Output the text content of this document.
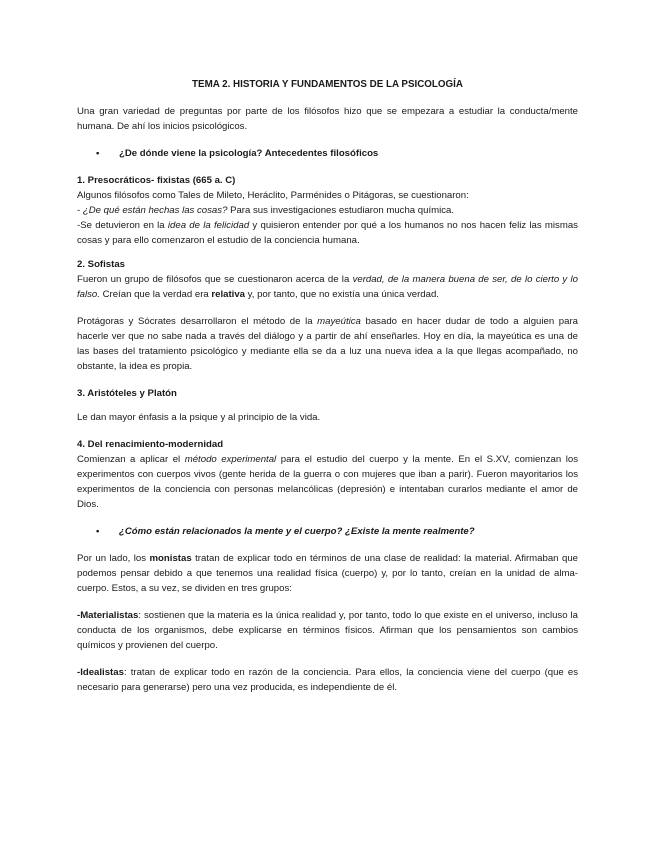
TEMA 2. HISTORIA Y FUNDAMENTOS DE LA PSICOLOGÍA

Una gran variedad de preguntas por parte de los filósofos hizo que se empezara a estudiar la conducta/mente humana. De ahí los inicios psicológicos.

• ¿De dónde viene la psicología? Antecedentes filosóficos

1. Presocráticos- fixistas (665 a. C)

Algunos filósofos como Tales de Mileto, Heráclito, Parménides o Pitágoras, se cuestionaron:

- ¿De qué están hechas las cosas? Para sus investigaciones estudiaron mucha química.

-Se detuvieron en la idea de la felicidad y quisieron entender por qué a los humanos no nos hacen feliz las mismas cosas y para ello comenzaron el estudio de la conciencia humana.

2. Sofistas

Fueron un grupo de filósofos que se cuestionaron acerca de la verdad, de la manera buena de ser, de lo cierto y lo falso. Creían que la verdad era relativa y, por tanto, que no existía una única verdad.

Protágoras y Sócrates desarrollaron el método de la mayeútica basado en hacer dudar de todo a alguien para hacerle ver que no sabe nada a través del diálogo y a partir de ahí enseñarles. Hoy en día, la mayeútica es una de las bases del tratamiento psicológico y mediante ella se da a luz una nueva idea a la que llegas acompañado, no obstante, la idea es propia.

3. Aristóteles y Platón

Le dan mayor énfasis a la psique y al principio de la vida.

4. Del renacimiento-modernidad

Comienzan a aplicar el método experimental para el estudio del cuerpo y la mente. En el S.XV, comienzan los experimentos con cuerpos vivos (gente herida de la guerra o con mujeres que iban a parir). Fueron mayoritarios los experimentos de la conciencia con personas melancólicas (depresión) e intentaban curarlos mediante el amor de Dios.

• ¿Cómo están relacionados la mente y el cuerpo? ¿Existe la mente realmente?

Por un lado, los monistas tratan de explicar todo en términos de una clase de realidad: la material. Afirmaban que podemos pensar debido a que tenemos una realidad física (cuerpo) y, por lo tanto, creían en la unidad de alma-cuerpo. Estos, a su vez, se dividen en tres grupos:

-Materialistas: sostienen que la materia es la única realidad y, por tanto, todo lo que existe en el universo, incluso la conducta de los organismos, debe explicarse en términos físicos. Afirman que los pensamientos son cambios químicos y provienen del cuerpo.

-Idealistas: tratan de explicar todo en razón de la conciencia. Para ellos, la conciencia viene del cuerpo (que es necesario para generarse) pero una vez producida, es independiente de él.
